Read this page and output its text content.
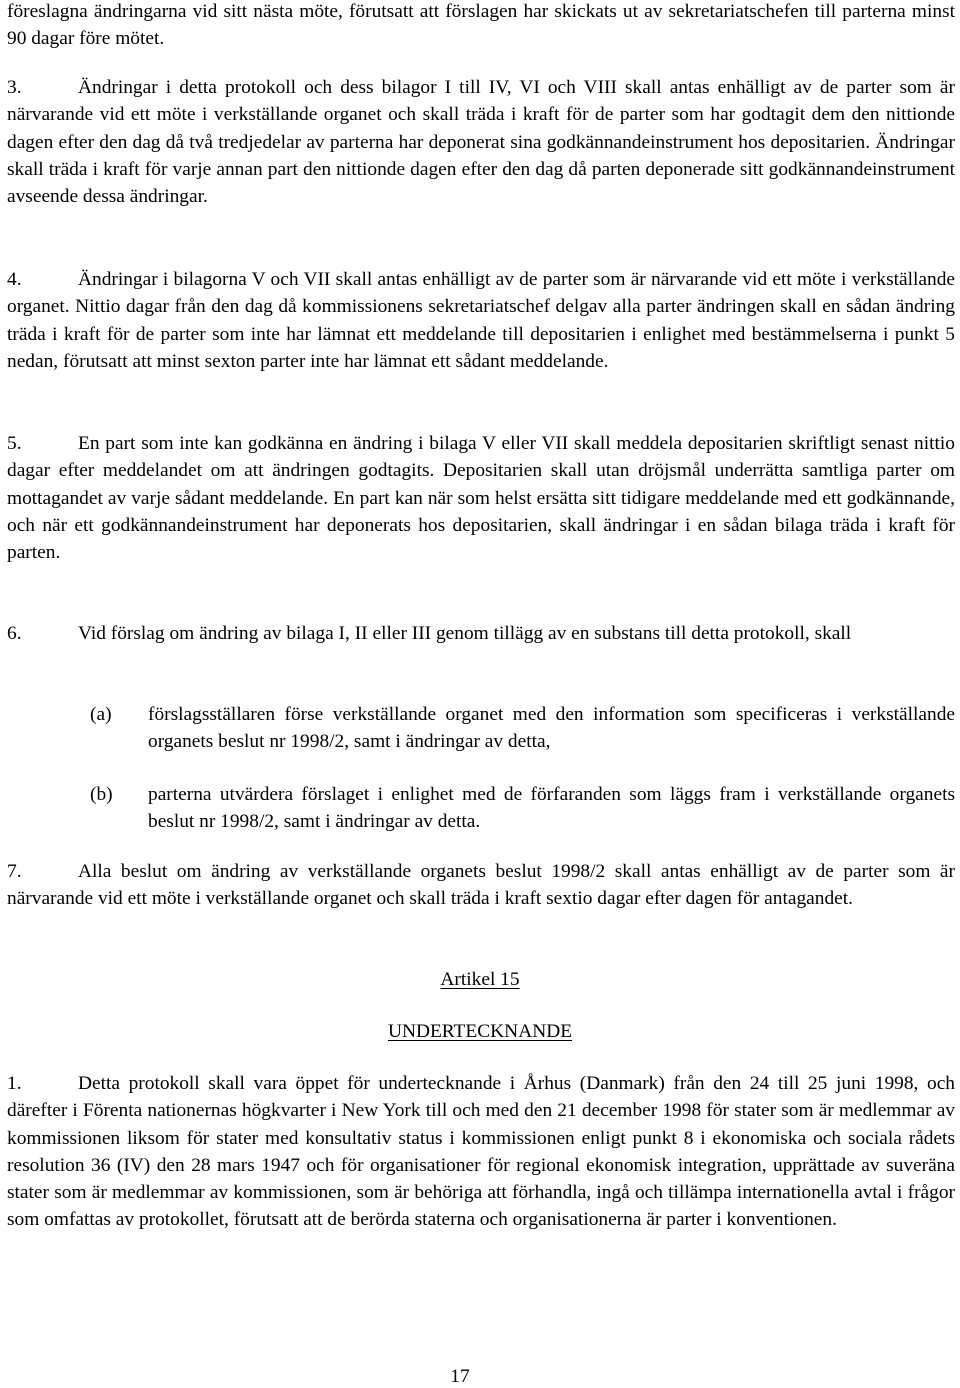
föreslagna ändringarna vid sitt nästa möte, förutsatt att förslagen har skickats ut av sekretariatschefen till parterna minst 90 dagar före mötet.

3.	Ändringar i detta protokoll och dess bilagor I till IV, VI och VIII skall antas enhälligt av de parter som är närvarande vid ett möte i verkställande organet och skall träda i kraft för de parter som har godtagit dem den nittionde dagen efter den dag då två tredjedelar av parterna har deponerat sina godkännandeinstrument hos depositarien. Ändringar skall träda i kraft för varje annan part den nittionde dagen efter den dag då parten deponerade sitt godkännandeinstrument avseende dessa ändringar.

4.	Ändringar i bilagorna V och VII skall antas enhälligt av de parter som är närvarande vid ett möte i verkställande organet. Nittio dagar från den dag då kommissionens sekretariatschef delgav alla parter ändringen skall en sådan ändring träda i kraft för de parter som inte har lämnat ett meddelande till depositarien i enlighet med bestämmelserna i punkt 5 nedan, förutsatt att minst sexton parter inte har lämnat ett sådant meddelande.

5.	En part som inte kan godkänna en ändring i bilaga V eller VII skall meddela depositarien skriftligt senast nittio dagar efter meddelandet om att ändringen godtagits. Depositarien skall utan dröjsmål underrätta samtliga parter om mottagandet av varje sådant meddelande. En part kan när som helst ersätta sitt tidigare meddelande med ett godkännande, och när ett godkännandeinstrument har deponerats hos depositarien, skall ändringar i en sådan bilaga träda i kraft för parten.

6.	Vid förslag om ändring av bilaga I, II eller III genom tillägg av en substans till detta protokoll, skall

(a) förslagsställaren förse verkställande organet med den information som specificeras i verkställande organets beslut nr 1998/2, samt i ändringar av detta,
(b) parterna utvärdera förslaget i enlighet med de förfaranden som läggs fram i verkställande organets beslut nr 1998/2, samt i ändringar av detta.

7.	Alla beslut om ändring av verkställande organets beslut 1998/2 skall antas enhälligt av de parter som är närvarande vid ett möte i verkställande organet och skall träda i kraft sextio dagar efter dagen för antagandet.

Artikel 15

UNDERTECKNANDE

1.	Detta protokoll skall vara öppet för undertecknande i Århus (Danmark) från den 24 till 25 juni 1998, och därefter i Förenta nationernas högkvarter i New York till och med den 21 december 1998 för stater som är medlemmar av kommissionen liksom för stater med konsultativ status i kommissionen enligt punkt 8 i ekonomiska och sociala rådets resolution 36 (IV) den 28 mars 1947 och för organisationer för regional ekonomisk integration, upprättade av suveräna stater som är medlemmar av kommissionen, som är behöriga att förhandla, ingå och tillämpa internationella avtal i frågor som omfattas av protokollet, förutsatt att de berörda staterna och organisationerna är parter i konventionen.

17
